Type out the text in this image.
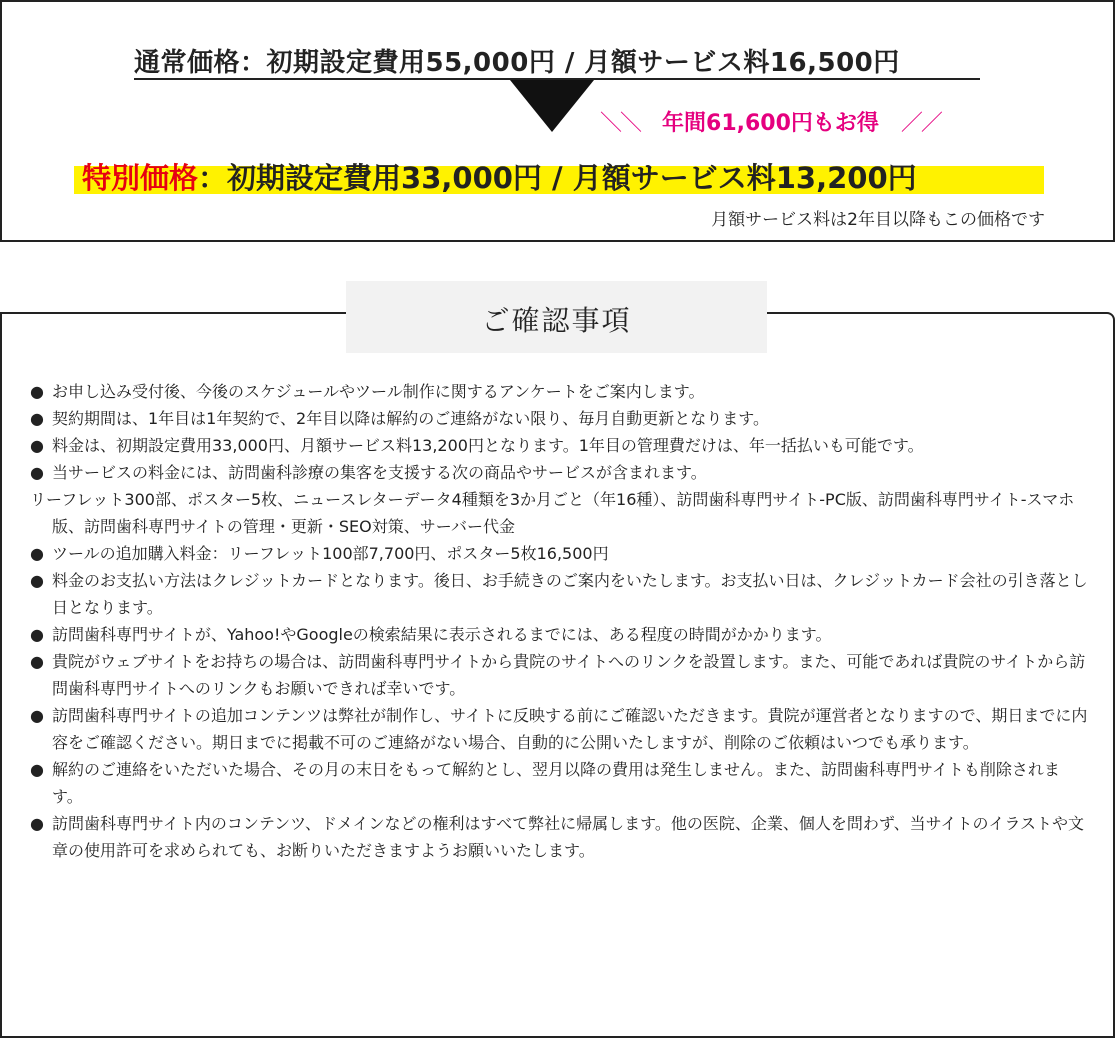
通常価格：初期設定費用55,000円 / 月額サービス料16,500円
＼＼ 年間61,600円もお得 ／／
特別価格：初期設定費用33,000円 / 月額サービス料13,200円
月額サービス料は2年目以降もこの価格です
ご確認事項
● お申し込み受付後、今後のスケジュールやツール制作に関するアンケートをご案内します。
● 契約期間は、1年目は1年契約で、2年目以降は解約のご連絡がない限り、毎月自動更新となります。
● 料金は、初期設定費用33,000円、月額サービス料13,200円となります。1年目の管理費だけは、年一括払いも可能です。
● 当サービスの料金には、訪問歯科診療の集客を支援する次の商品やサービスが含まれます。
リーフレット300部、ポスター5枚、ニュースレターデータ4種類を3か月ごと（年16種）、訪問歯科専門サイト-PC版、訪問歯科専門サイト-スマホ版、訪問歯科専門サイトの管理・更新・SEO対策、サーバー代金
● ツールの追加購入料金：リーフレット100部7,700円、ポスター5枚16,500円
● 料金のお支払い方法はクレジットカードとなります。後日、お手続きのご案内をいたします。お支払い日は、クレジットカード会社の引き落とし日となります。
● 訪問歯科専門サイトが、Yahoo!やGoogleの検索結果に表示されるまでには、ある程度の時間がかかります。
● 貴院がウェブサイトをお持ちの場合は、訪問歯科専門サイトから貴院のサイトへのリンクを設置します。また、可能であれば貴院のサイトから訪問歯科専門サイトへのリンクもお願いできれば幸いです。
● 訪問歯科専門サイトの追加コンテンツは弊社が制作し、サイトに反映する前にご確認いただきます。貴院が運営者となりますので、期日までに内容をご確認ください。期日までに掲載不可のご連絡がない場合、自動的に公開いたしますが、削除のご依頼はいつでも承ります。
● 解約のご連絡をいただいた場合、その月の末日をもって解約とし、翌月以降の費用は発生しません。また、訪問歯科専門サイトも削除されます。
● 訪問歯科専門サイト内のコンテンツ、ドメインなどの権利はすべて弊社に帰属します。他の医院、企業、個人を問わず、当サイトのイラストや文章の使用許可を求められても、お断りいただきますようお願いいたします。
